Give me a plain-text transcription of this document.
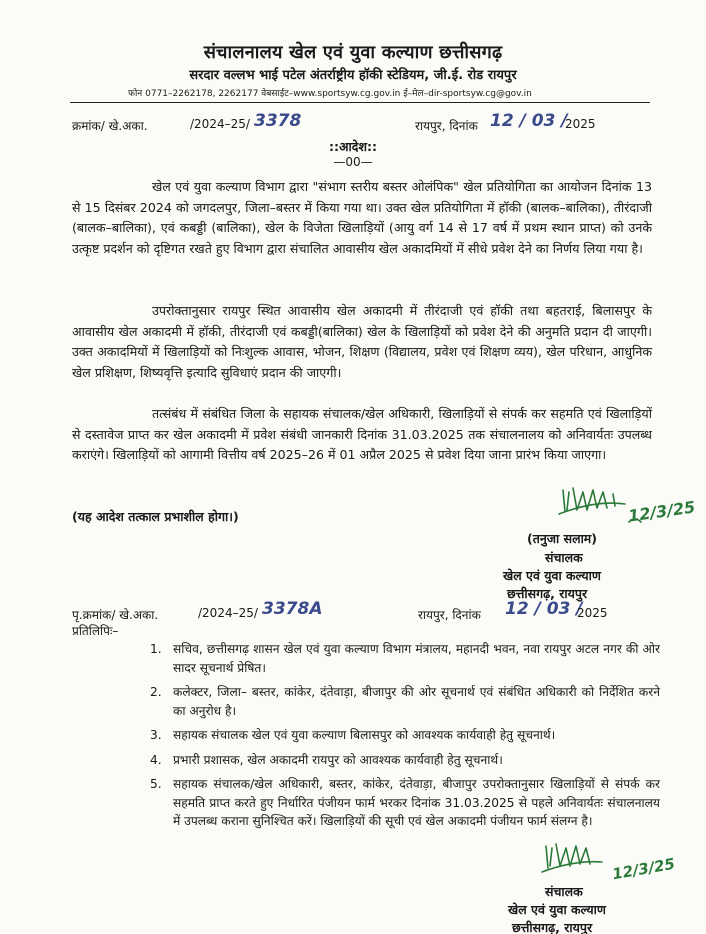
संचालनालय खेल एवं युवा कल्याण छत्तीसगढ़
सरदार वल्लभ भाई पटेल अंतर्राष्ट्रीय हॉकी स्टेडियम, जी.ई. रोड रायपुर
फोन 0771–2262178, 2262177 वेबसाईट–www.sportsyw.cg.gov.in ई–मेल–dir-sportsyw.cg@gov.in
क्रमांक/ खे.अका.	/2024–25/ 3378	रायपुर, दिनांक 12 / 03 /
2025
::आदेश::
—00—
खेल एवं युवा कल्याण विभाग द्वारा "संभाग स्तरीय बस्तर ओलंपिक" खेल प्रतियोगिता का आयोजन दिनांक 13 से 15 दिसंबर 2024 को जगदलपुर, जिला–बस्तर में किया गया था। उक्त खेल प्रतियोगिता में हॉकी (बालक–बालिका), तीरंदाजी (बालक–बालिका), एवं कबड्डी (बालिका), खेल के विजेता खिलाड़ियों (आयु वर्ग 14 से 17 वर्ष में प्रथम स्थान प्राप्त) को उनके उत्कृष्ट प्रदर्शन को दृष्टिगत रखते हुए विभाग द्वारा संचालित आवासीय खेल अकादमियों में सीधे प्रवेश देने का निर्णय लिया गया है।
उपरोक्तानुसार रायपुर स्थित आवासीय खेल अकादमी में तीरंदाजी एवं हॉकी तथा बहतराई, बिलासपुर के आवासीय खेल अकादमी में हॉकी, तीरंदाजी एवं कबड्डी(बालिका) खेल के खिलाड़ियों को प्रवेश देने की अनुमति प्रदान दी जाएगी। उक्त अकादमियों में खिलाड़ियों को निःशुल्क आवास, भोजन, शिक्षण (विद्यालय, प्रवेश एवं शिक्षण व्यय), खेल परिधान, आधुनिक खेल प्रशिक्षण, शिष्यवृत्ति इत्यादि सुविधाएं प्रदान की जाएगी।
तत्संबंध में संबंधित जिला के सहायक संचालक/खेल अधिकारी, खिलाड़ियों से संपर्क कर सहमति एवं खिलाड़ियों से दस्तावेज प्राप्त कर खेल अकादमी में प्रवेश संबंधी जानकारी दिनांक 31.03.2025 तक संचालनालय को अनिवार्यतः उपलब्ध कराएंगे। खिलाड़ियों को आगामी वित्तीय वर्ष 2025–26 में 01 अप्रैल 2025 से प्रवेश दिया जाना प्रारंभ किया जाएगा।
(यह आदेश तत्काल प्रभाशील होगा।)	12/3/25
(तनुजा सलाम)
संचालक
खेल एवं युवा कल्याण
छत्तीसगढ़, रायपुर
पृ.क्रमांक/ खे.अका.	/2024–25/ 3378A	रायपुर, दिनांक 12 / 03 /
2025
प्रतिलिपिः–
1. सचिव, छत्तीसगढ़ शासन खेल एवं युवा कल्याण विभाग मंत्रालय, महानदी भवन, नवा रायपुर अटल नगर की ओर सादर सूचनार्थ प्रेषित।
2. कलेक्टर, जिला– बस्तर, कांकेर, दंतेवाड़ा, बीजापुर की ओर सूचनार्थ एवं संबंधित अधिकारी को निर्देशित करने का अनुरोध है।
3. सहायक संचालक खेल एवं युवा कल्याण बिलासपुर को आवश्यक कार्यवाही हेतु सूचनार्थ।
4. प्रभारी प्रशासक, खेल अकादमी रायपुर को आवश्यक कार्यवाही हेतु सूचनार्थ।
5. सहायक संचालक/खेल अधिकारी, बस्तर, कांकेर, दंतेवाड़ा, बीजापुर उपरोक्तानुसार खिलाड़ियों से संपर्क कर सहमति प्राप्त करते हुए निर्धारित पंजीयन फार्म भरकर दिनांक 31.03.2025 से पहले अनिवार्यतः संचालनालय में उपलब्ध कराना सुनिश्चित करें। खिलाड़ियों की सूची एवं खेल अकादमी पंजीयन फार्म संलग्न है।
12/3/25
संचालक
खेल एवं युवा कल्याण
छत्तीसगढ़, रायपुर
